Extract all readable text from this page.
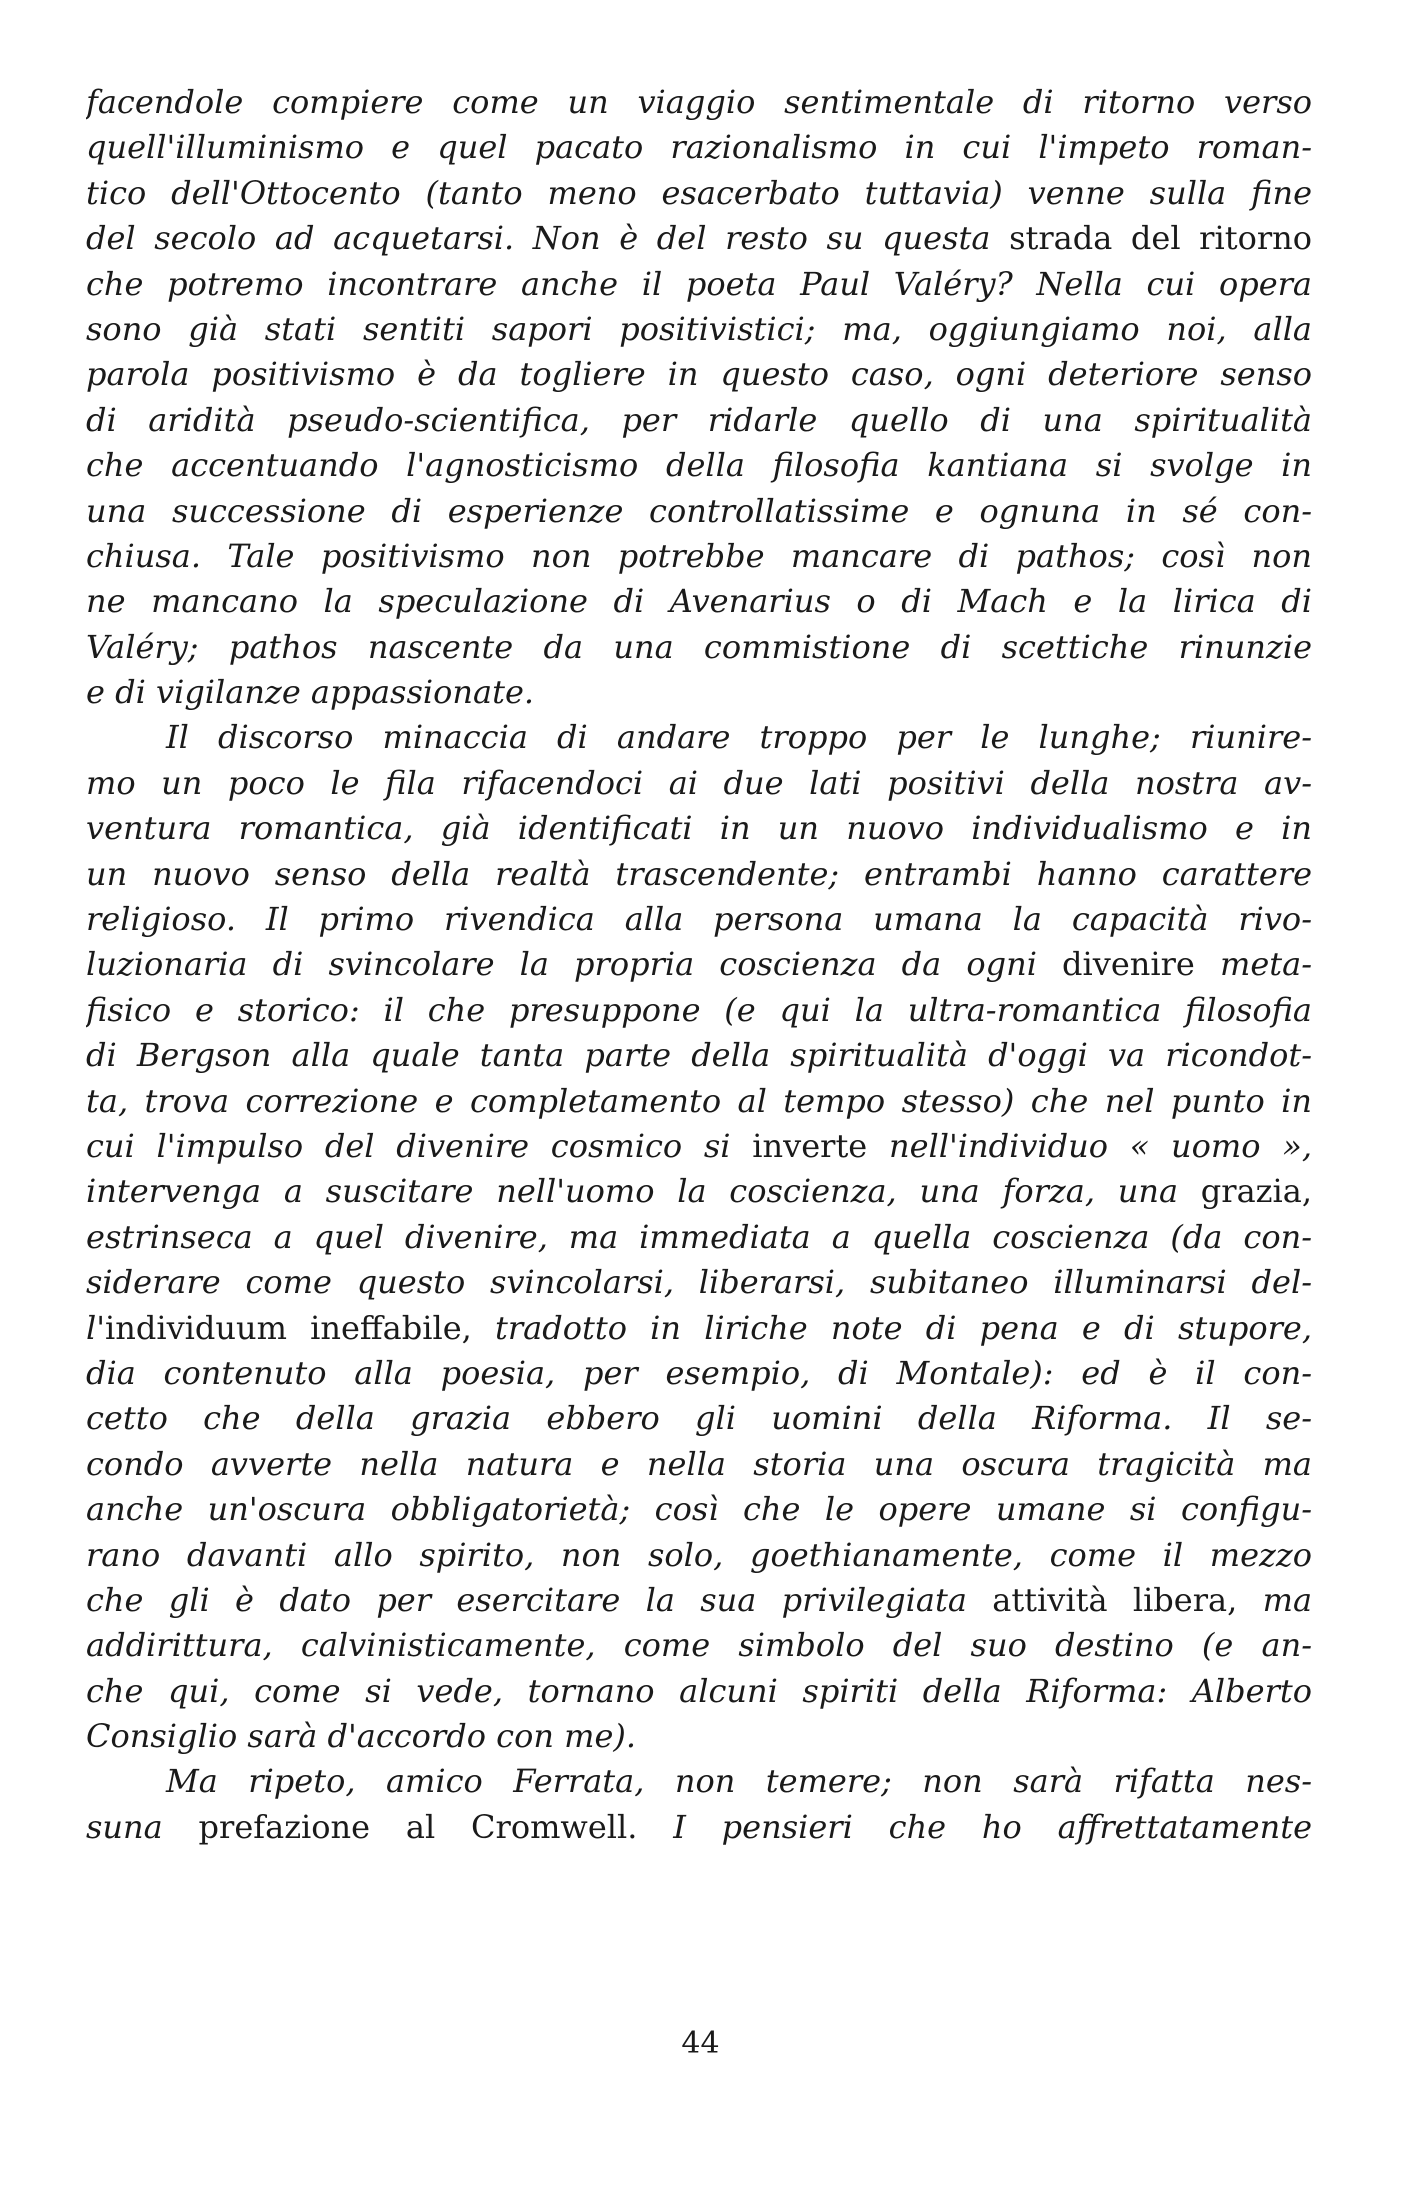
facendole compiere come un viaggio sentimentale di ritorno verso
quell'illuminismo e quel pacato razionalismo in cui l'impeto roman-
tico dell'Ottocento (tanto meno esacerbato tuttavia) venne sulla fine
del secolo ad acquetarsi. Non è del resto su questa strada del ritorno
che potremo incontrare anche il poeta Paul Valéry? Nella cui opera
sono già stati sentiti sapori positivistici; ma, oggiungiamo noi, alla
parola positivismo è da togliere in questo caso, ogni deteriore senso
di aridità pseudo-scientifica, per ridarle quello di una spiritualità
che accentuando l'agnosticismo della filosofia kantiana si svolge in
una successione di esperienze controllatissime e ognuna in sé con-
chiusa. Tale positivismo non potrebbe mancare di pathos; così non
ne mancano la speculazione di Avenarius o di Mach e la lirica di
Valéry; pathos nascente da una commistione di scettiche rinunzie
e di vigilanze appassionate.
Il discorso minaccia di andare troppo per le lunghe; riunire-
mo un poco le fila rifacendoci ai due lati positivi della nostra av-
ventura romantica, già identificati in un nuovo individualismo e in
un nuovo senso della realtà trascendente; entrambi hanno carattere
religioso. Il primo rivendica alla persona umana la capacità rivo-
luzionaria di svincolare la propria coscienza da ogni divenire meta-
fisico e storico: il che presuppone (e qui la ultra-romantica filosofia
di Bergson alla quale tanta parte della spiritualità d'oggi va ricondot-
ta, trova correzione e completamento al tempo stesso) che nel punto in
cui l'impulso del divenire cosmico si inverte nell'individuo « uomo »,
intervenga a suscitare nell'uomo la coscienza, una forza, una grazia,
estrinseca a quel divenire, ma immediata a quella coscienza (da con-
siderare come questo svincolarsi, liberarsi, subitaneo illuminarsi del-
l'individuum ineffabile, tradotto in liriche note di pena e di stupore,
dia contenuto alla poesia, per esempio, di Montale): ed è il con-
cetto che della grazia ebbero gli uomini della Riforma. Il se-
condo avverte nella natura e nella storia una oscura tragicità ma
anche un'oscura obbligatorietà; così che le opere umane si configu-
rano davanti allo spirito, non solo, goethianamente, come il mezzo
che gli è dato per esercitare la sua privilegiata attività libera, ma
addirittura, calvinisticamente, come simbolo del suo destino (e an-
che qui, come si vede, tornano alcuni spiriti della Riforma: Alberto
Consiglio sarà d'accordo con me).
Ma ripeto, amico Ferrata, non temere; non sarà rifatta nes-
suna prefazione al Cromwell. I pensieri che ho affrettatamente
44
